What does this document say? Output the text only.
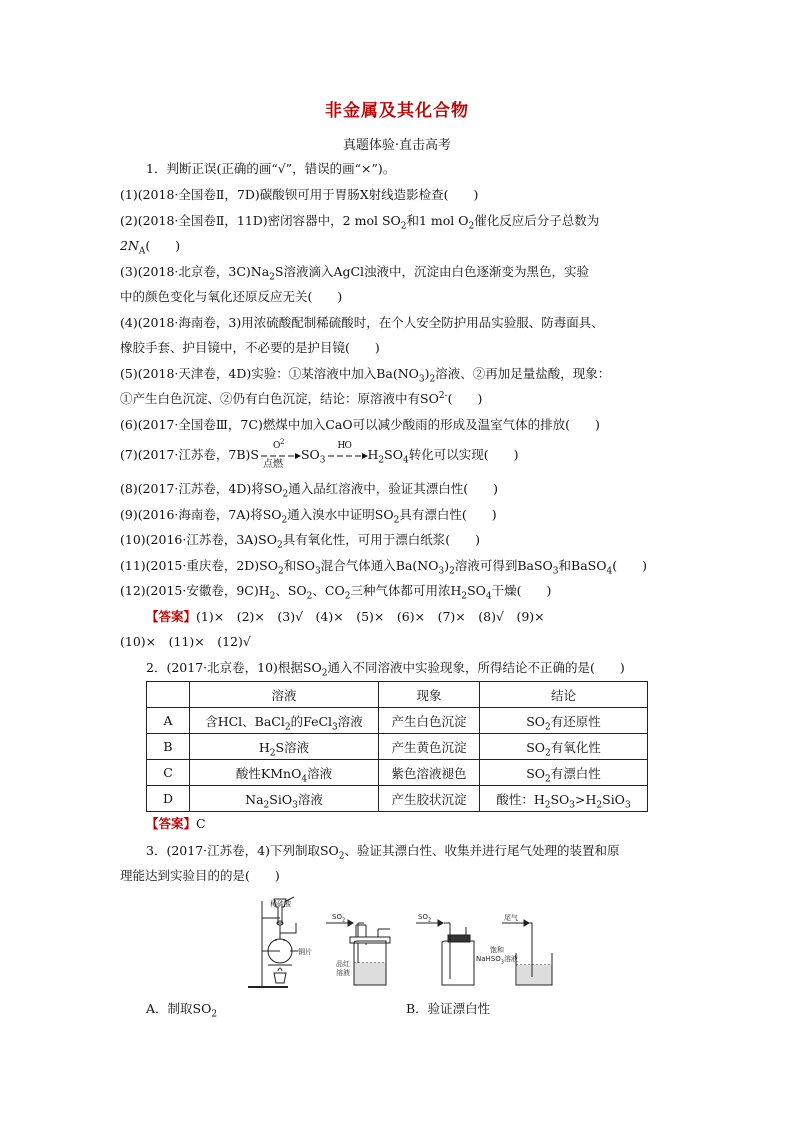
非金属及其化合物
真题体验·直击高考
1．判断正误(正确的画“√”，错误的画“×”)。
(1)(2018·全国卷Ⅱ，7D)碳酸钡可用于胃肠X射线造影检查(　　)
(2)(2018·全国卷Ⅱ，11D)密闭容器中，2 mol $SO_2$和1 mol $O_2$催化反应后分子总数为
$2N_A$(　　)
(3)(2018·北京卷，$3C)Na_2S$溶液滴入AgCl浊液中，沉淀由白色逐渐变为黑色，实验
中的颜色变化与氧化还原反应无关(　　)
(4)(2018·海南卷，3)用浓硫酸配制稀硫酸时，在个人安全防护用品实验服、防毒面具、
橡胶手套、护目镜中，不必要的是护目镜(　　)
(5)(2018·天津卷，4D)实验：①某溶液中加入$Ba(NO_3)_2$溶液、②再加足量盐酸，现象：
①产生白色沉淀、②仍有白色沉淀，结论：原溶液中有$SO^{2-}$(　　)
(6)(2017·全国卷Ⅲ，7C)燃煤中加入CaO可以减少酸雨的形成及温室气体的排放(　　)
(7)(2017·江苏卷，7B)S
O 2
点燃
$SO_3$
H O
$H_2SO_4$转化可以实现(　　)
(8)(2017·江苏卷，4D)将$SO_2$通入品红溶液中，验证其漂白性(　　)
(9)(2016·海南卷，7A)将$SO_2$通入溴水中证明$SO_2$具有漂白性(　　)
(10)(2016·江苏卷，$3A)SO_2$具有氧化性，可用于漂白纸浆(　　)
(11)(2015·重庆卷，$2D)SO_2$和$SO_3$混合气体通入$Ba(NO_3)_2$溶液可得到BaSO$_3$和BaSO$_4$(　　)
(12)(2015·安徽卷，$9C)H_2$、$SO_2$、$CO_2$三种气体都可用浓$H_2SO_4$干燥(　　)
【答案】(1)×　(2)×　(3)√　(4)×　(5)×　(6)×　(7)×　(8)√　(9)×
(10)×　(11)×　(12)√
2．(2017·北京卷，10)根据$SO_2$通入不同溶液中实验现象，所得结论不正确的是(　　)
	溶液	现象	结论
A	含HCl、BaCl$_2$的FeCl$_3$溶液	产生白色沉淀	$SO_2$有还原性
B	$H_2S$溶液	产生黄色沉淀	$SO_2$有氧化性
C	酸性KMnO$_4$溶液	紫色溶液褪色	$SO_2$有漂白性
D	$Na_2SiO_3$溶液	产生胶状沉淀	酸性：$H_2SO_3>H_2SiO_3$
【答案】C
3．(2017·江苏卷，4)下列制取$SO_2$、验证其漂白性、收集并进行尾气处理的装置和原
理能达到实验目的的是(　　)
稀硫酸
铜片
$SO_2$
品红
溶液
$SO_2$	尾气
饱和
NaHSO$_3$溶液
A．制取$SO_2$	B．验证漂白性
